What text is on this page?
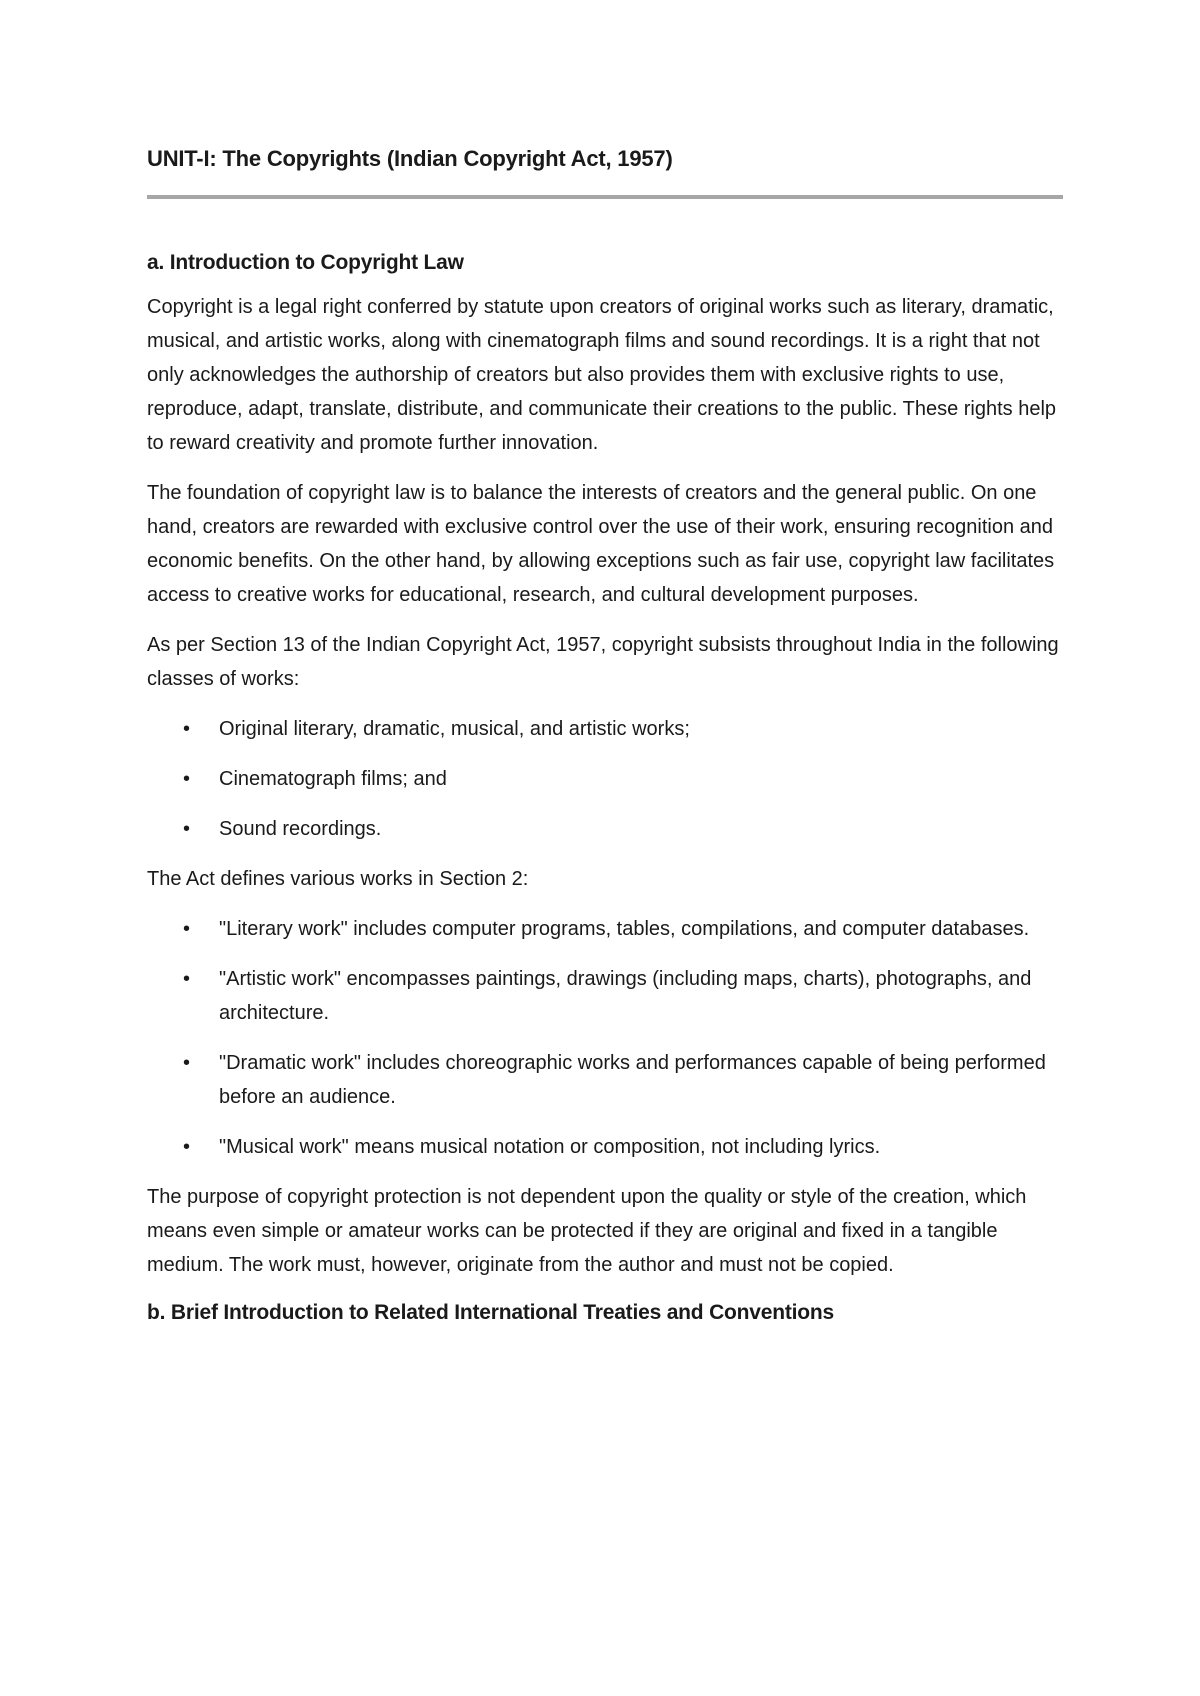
UNIT-I: The Copyrights (Indian Copyright Act, 1957)
a. Introduction to Copyright Law

Copyright is a legal right conferred by statute upon creators of original works such as literary, dramatic, musical, and artistic works, along with cinematograph films and sound recordings. It is a right that not only acknowledges the authorship of creators but also provides them with exclusive rights to use, reproduce, adapt, translate, distribute, and communicate their creations to the public. These rights help to reward creativity and promote further innovation.

The foundation of copyright law is to balance the interests of creators and the general public. On one hand, creators are rewarded with exclusive control over the use of their work, ensuring recognition and economic benefits. On the other hand, by allowing exceptions such as fair use, copyright law facilitates access to creative works for educational, research, and cultural development purposes.

As per Section 13 of the Indian Copyright Act, 1957, copyright subsists throughout India in the following classes of works:

• Original literary, dramatic, musical, and artistic works;
• Cinematograph films; and
• Sound recordings.

The Act defines various works in Section 2:

• "Literary work" includes computer programs, tables, compilations, and computer databases.
• "Artistic work" encompasses paintings, drawings (including maps, charts), photographs, and architecture.
• "Dramatic work" includes choreographic works and performances capable of being performed before an audience.
• "Musical work" means musical notation or composition, not including lyrics.

The purpose of copyright protection is not dependent upon the quality or style of the creation, which means even simple or amateur works can be protected if they are original and fixed in a tangible medium. The work must, however, originate from the author and must not be copied.

b. Brief Introduction to Related International Treaties and Conventions
